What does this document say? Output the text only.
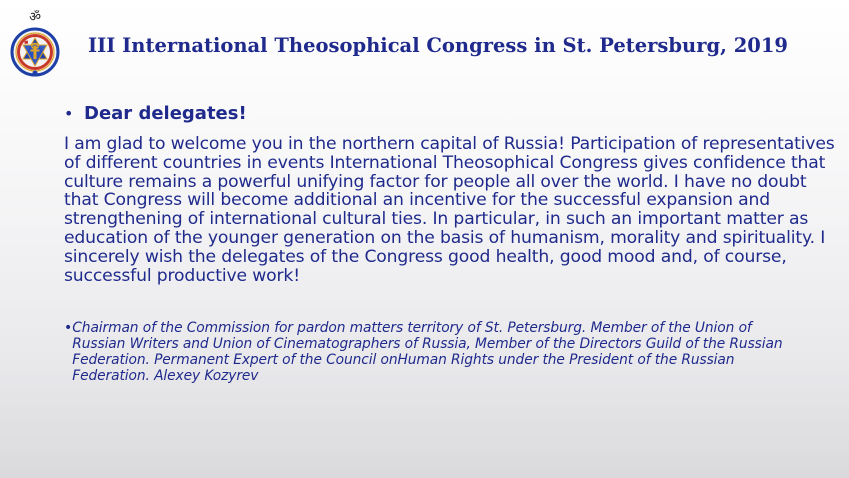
ॐ
III International Theosophical Congress in St. Petersburg, 2019
• Dear delegates!

I am glad to welcome you in the northern capital of Russia! Participation of representatives of different countries in events International Theosophical Congress gives confidence that culture remains a powerful unifying factor for people all over the world. I have no doubt that Congress will become additional an incentive for the successful expansion and strengthening of international cultural ties. In particular, in such an important matter as education of the younger generation on the basis of humanism, morality and spirituality. I sincerely wish the delegates of the Congress good health, good mood and, of course, successful productive work!

• Chairman of the Commission for pardon matters territory of St. Petersburg. Member of the Union of Russian Writers and Union of Cinematographers of Russia, Member of the Directors Guild of the Russian Federation. Permanent Expert of the Council onHuman Rights under the President of the Russian Federation. Alexey Kozyrev
